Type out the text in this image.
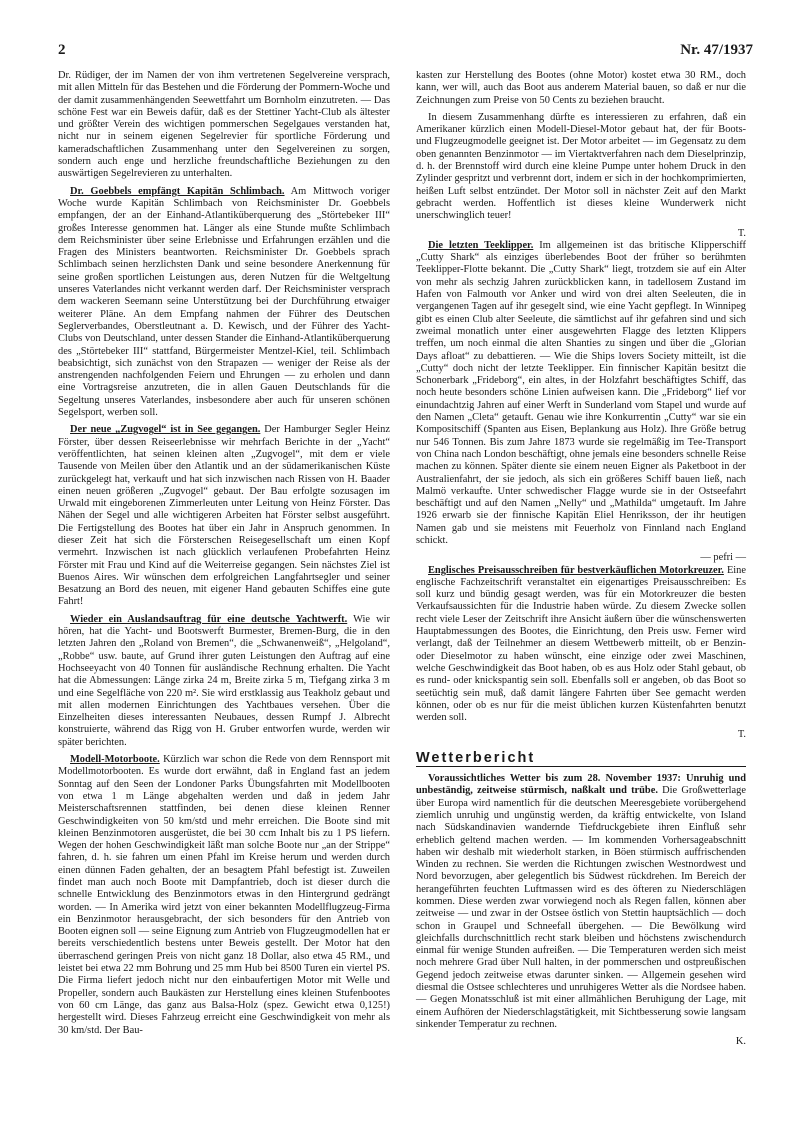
2	Nr. 47/1937

Dr. Rüdiger, der im Namen der von ihm vertretenen Segelvereine versprach, mit allen Mitteln für das Bestehen und die Förderung der Pommern-Woche und der damit zusammenhängenden Seewettfahrt um Bornholm einzutreten. — Das schöne Fest war ein Beweis dafür, daß es der Stettiner Yacht-Club als ältester und größter Verein des wichtigen pommerschen Segelgaues verstanden hat, nicht nur in seinem eigenen Segelrevier für sportliche Förderung und kameradschaftlichen Zusammenhang unter den Segelvereinen zu sorgen, sondern auch enge und herzliche freundschaftliche Beziehungen zu den auswärtigen Segelrevieren zu unterhalten.

Dr. Goebbels empfängt Kapitän Schlimbach. Am Mittwoch voriger Woche wurde Kapitän Schlimbach von Reichsminister Dr. Goebbels empfangen, der an der Einhand-Atlantiküberquerung des „Störtebeker III“ großes Interesse genommen hat. Länger als eine Stunde mußte Schlimbach dem Reichsminister über seine Erlebnisse und Erfahrungen erzählen und die Fragen des Ministers beantworten. Reichsminister Dr. Goebbels sprach Schlimbach seinen herzlichsten Dank und seine besondere Anerkennung für seine großen sportlichen Leistungen aus, deren Nutzen für die Weltgeltung unseres Vaterlandes nicht verkannt werden darf. Der Reichsminister versprach dem wackeren Seemann seine Unterstützung bei der Durchführung etwaiger weiterer Pläne. An dem Empfang nahmen der Führer des Deutschen Seglerverbandes, Oberstleutnant a. D. Kewisch, und der Führer des Yacht-Clubs von Deutschland, unter dessen Stander die Einhand-Atlantiküberquerung des „Störtebeker III“ stattfand, Bürgermeister Mentzel-Kiel, teil. Schlimbach beabsichtigt, sich zunächst von den Strapazen — weniger der Reise als der anstrengenden nachfolgenden Feiern und Ehrungen — zu erholen und dann eine Vortragsreise anzutreten, die in allen Gauen Deutschlands für die Segeltung unseres Vaterlandes, insbesondere aber auch für unseren schönen Segelsport, werben soll.

Der neue „Zugvogel“ ist in See gegangen. Der Hamburger Segler Heinz Förster, über dessen Reiseerlebnisse wir mehrfach Berichte in der „Yacht“ veröffentlichten, hat seinen kleinen alten „Zugvogel“, mit dem er viele Tausende von Meilen über den Atlantik und an der südamerikanischen Küste zurückgelegt hat, verkauft und hat sich inzwischen nach Rissen von H. Baader einen neuen größeren „Zugvogel“ gebaut. Der Bau erfolgte sozusagen im Urwald mit eingeborenen Zimmerleuten unter Leitung von Heinz Förster. Das Nähen der Segel und alle wichtigeren Arbeiten hat Förster selbst ausgeführt. Die Fertigstellung des Bootes hat über ein Jahr in Anspruch genommen. In dieser Zeit hat sich die Försterschen Reisegesellschaft um einen Kopf vermehrt. Inzwischen ist nach glücklich verlaufenen Probefahrten Heinz Förster mit Frau und Kind auf die Weiterreise gegangen. Sein nächstes Ziel ist Buenos Aires. Wir wünschen dem erfolgreichen Langfahrtsegler und seiner Besatzung an Bord des neuen, mit eigener Hand gebauten Schiffes eine gute Fahrt!

Wieder ein Auslandsauftrag für eine deutsche Yachtwerft. Wie wir hören, hat die Yacht- und Bootswerft Burmester, Bremen-Burg, die in den letzten Jahren den „Roland von Bremen“, die „Schwanenweiß“, „Helgoland“, „Robbe“ usw. baute, auf Grund ihrer guten Leistungen den Auftrag auf eine Hochseeyacht von 40 Tonnen für ausländische Rechnung erhalten. Die Yacht hat die Abmessungen: Länge zirka 24 m, Breite zirka 5 m, Tiefgang zirka 3 m und eine Segelfläche von 220 m². Sie wird erstklassig aus Teakholz gebaut und mit allen modernen Einrichtungen des Yachtbaues versehen. Über die Einzelheiten dieses interessanten Neubaues, dessen Rumpf J. Albrecht konstruierte, während das Rigg von H. Gruber entworfen wurde, werden wir später berichten.

Modell-Motorboote. Kürzlich war schon die Rede von dem Rennsport mit Modellmotorbooten. Es wurde dort erwähnt, daß in England fast an jedem Sonntag auf den Seen der Londoner Parks Übungsfahrten mit Modellbooten von etwa 1 m Länge abgehalten werden und daß in jedem Jahr Meisterschaftsrennen stattfinden, bei denen diese kleinen Renner Geschwindigkeiten von 50 km/std und mehr erreichen. Die Boote sind mit kleinen Benzinmotoren ausgerüstet, die bei 30 ccm Inhalt bis zu 1 PS liefern. Wegen der hohen Geschwindigkeit läßt man solche Boote nur „an der Strippe“ fahren, d. h. sie fahren um einen Pfahl im Kreise herum und werden durch einen dünnen Faden gehalten, der an besagtem Pfahl befestigt ist. Zuweilen findet man auch noch Boote mit Dampfantrieb, doch ist dieser durch die schnelle Entwicklung des Benzinmotors etwas in den Hintergrund gedrängt worden. — In Amerika wird jetzt von einer bekannten Modellflugzeug-Firma ein Benzinmotor herausgebracht, der sich besonders für den Antrieb von Booten eignen soll — seine Eignung zum Antrieb von Flugzeugmodellen hat er bereits verschiedentlich bestens unter Beweis gestellt. Der Motor hat den überraschend geringen Preis von nicht ganz 18 Dollar, also etwa 45 RM., und leistet bei etwa 22 mm Bohrung und 25 mm Hub bei 8500 Turen ein viertel PS. Die Firma liefert jedoch nicht nur den einbaufertigen Motor mit Welle und Propeller, sondern auch Baukästen zur Herstellung eines kleinen Stufenbootes von 60 cm Länge, das ganz aus Balsa-Holz (spez. Gewicht etwa 0,125!) hergestellt wird. Dieses Fahrzeug erreicht eine Geschwindigkeit von mehr als 30 km/std. Der Bau-

kasten zur Herstellung des Bootes (ohne Motor) kostet etwa 30 RM., doch kann, wer will, auch das Boot aus anderem Material bauen, so daß er nur die Zeichnungen zum Preise von 50 Cents zu beziehen braucht.

In diesem Zusammenhang dürfte es interessieren zu erfahren, daß ein Amerikaner kürzlich einen Modell-Diesel-Motor gebaut hat, der für Boots- und Flugzeugmodelle geeignet ist. Der Motor arbeitet — im Gegensatz zu dem oben genannten Benzinmotor — im Viertaktverfahren nach dem Dieselprinzip, d. h. der Brennstoff wird durch eine kleine Pumpe unter hohem Druck in den Zylinder gespritzt und verbrennt dort, indem er sich in der hochkomprimierten, heißen Luft selbst entzündet. Der Motor soll in nächster Zeit auf den Markt gebracht werden. Hoffentlich ist dieses kleine Wunderwerk nicht unerschwinglich teuer!

T.

Die letzten Teeklipper. Im allgemeinen ist das britische Klipperschiff „Cutty Shark“ als einziges überlebendes Boot der früher so berühmten Teeklipper-Flotte bekannt. Die „Cutty Shark“ liegt, trotzdem sie auf ein Alter von mehr als sechzig Jahren zurückblicken kann, in tadellosem Zustand im Hafen von Falmouth vor Anker und wird von drei alten Seeleuten, die in vergangenen Tagen auf ihr gesegelt sind, wie eine Yacht gepflegt. In Winnipeg gibt es einen Club alter Seeleute, die sämtlichst auf ihr gefahren sind und sich zweimal monatlich unter einer ausgewehrten Flagge des letzten Klippers treffen, um noch einmal die alten Shanties zu singen und über die „Glorian Days afloat“ zu debattieren. — Wie die Ships lovers Society mitteilt, ist die „Cutty“ doch nicht der letzte Teeklipper. Ein finnischer Kapitän besitzt die Schonerbark „Frideborg“, ein altes, in der Holzfahrt beschäftigtes Schiff, das noch heute besonders schöne Linien aufweisen kann. Die „Frideborg“ lief vor einundachtzig Jahren auf einer Werft in Sunderland vom Stapel und wurde auf den Namen „Cleta“ getauft. Genau wie ihre Konkurrentin „Cutty“ war sie ein Kompositschiff (Spanten aus Eisen, Beplankung aus Holz). Ihre Größe betrug nur 546 Tonnen. Bis zum Jahre 1873 wurde sie regelmäßig im Tee-Transport von China nach London beschäftigt, ohne jemals eine besonders schnelle Reise machen zu können. Später diente sie einem neuen Eigner als Paketboot in der Australienfahrt, der sie jedoch, als sich ein größeres Schiff bauen ließ, nach Malmö verkaufte. Unter schwedischer Flagge wurde sie in der Ostseefahrt beschäftigt und auf den Namen „Nelly“ und „Mathilda“ umgetauft. Im Jahre 1926 erwarb sie der finnische Kapitän Eliel Henriksson, der ihr heutigen Namen gab und sie meistens mit Feuerholz von Finnland nach England schickt.

— pefri —

Englisches Preisausschreiben für bestverkäuflichen Motorkreuzer. Eine englische Fachzeitschrift veranstaltet ein eigenartiges Preisausschreiben: Es soll kurz und bündig gesagt werden, was für ein Motorkreuzer die besten Verkaufsaussichten für die Industrie haben würde. Zu diesem Zwecke sollen recht viele Leser der Zeitschrift ihre Ansicht äußern über die wünschenswerten Hauptabmessungen des Bootes, die Einrichtung, den Preis usw. Ferner wird verlangt, daß der Teilnehmer an diesem Wettbewerb mitteilt, ob er Benzin- oder Dieselmotor zu haben wünscht, eine einzige oder zwei Maschinen, welche Geschwindigkeit das Boot haben, ob es aus Holz oder Stahl gebaut, ob es rund- oder knickspantig sein soll. Ebenfalls soll er angeben, ob das Boot so seetüchtig sein muß, daß damit längere Fahrten über See gemacht werden können, oder ob es nur für die meist üblichen kurzen Küstenfahrten benutzt werden soll.

T.
Wetterbericht

Voraussichtliches Wetter bis zum 28. November 1937: Unruhig und unbeständig, zeitweise stürmisch, naßkalt und trübe. Die Großwetterlage über Europa wird namentlich für die deutschen Meeresgebiete vorübergehend ziemlich unruhig und ungünstig werden, da kräftig entwickelte, von Island nach Südskandinavien wandernde Tiefdruckgebiete ihren Einfluß sehr erheblich geltend machen werden. — Im kommenden Vorhersageabschnitt haben wir deshalb mit wiederholt starken, in Böen stürmisch auffrischenden Winden zu rechnen. Sie werden die Richtungen zwischen Westnordwest und Nord bevorzugen, aber gelegentlich bis Südwest rückdrehen. Im Bereich der herangeführten feuchten Luftmassen wird es des öfteren zu Niederschlägen kommen. Diese werden zwar vorwiegend noch als Regen fallen, können aber zeitweise — und zwar in der Ostsee östlich von Stettin hauptsächlich — doch schon in Graupel und Schneefall übergehen. — Die Bewölkung wird gleichfalls durchschnittlich recht stark bleiben und höchstens zwischendurch einmal für wenige Stunden aufreißen. — Die Temperaturen werden sich meist noch mehrere Grad über Null halten, in der pommerschen und ostpreußischen Gegend jedoch zeitweise etwas darunter sinken. — Allgemein gesehen wird diesmal die Ostsee schlechteres und unruhigeres Wetter als die Nordsee haben. — Gegen Monatsschluß ist mit einer allmählichen Beruhigung der Lage, mit einem Aufhören der Niederschlagstätigkeit, mit Sichtbesserung sowie langsam sinkender Temperatur zu rechnen.

K.
